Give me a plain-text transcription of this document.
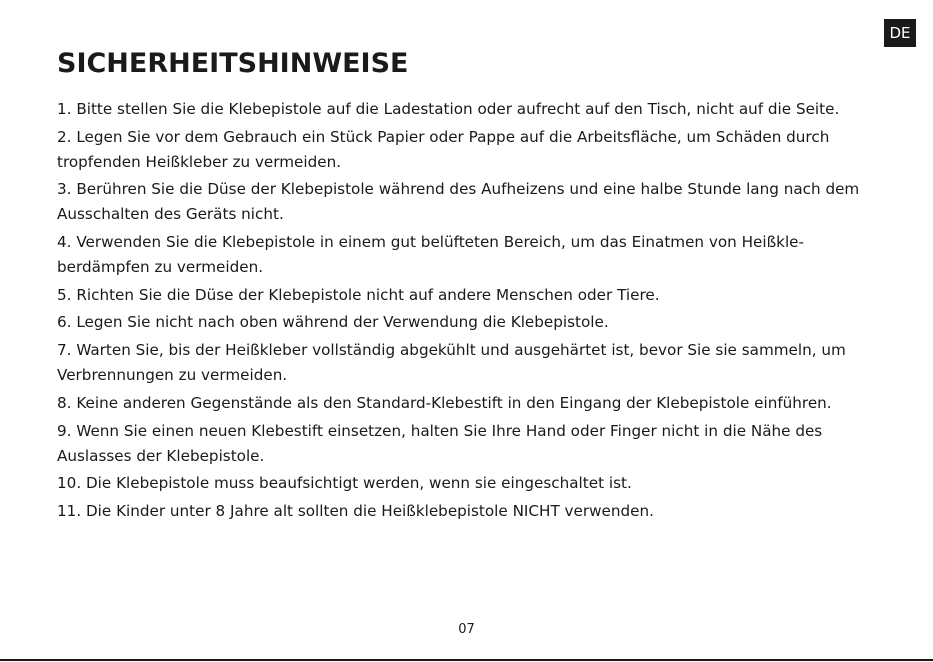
DE
SICHERHEITSHINWEISE
1. Bitte stellen Sie die Klebepistole auf die Ladestation oder aufrecht auf den Tisch, nicht auf die Seite.
2. Legen Sie vor dem Gebrauch ein Stück Papier oder Pappe auf die Arbeitsfläche, um Schäden durch tropfenden Heißkleber zu vermeiden.
3. Berühren Sie die Düse der Klebepistole während des Aufheizens und eine halbe Stunde lang nach dem Ausschalten des Geräts nicht.
4. Verwenden Sie die Klebepistole in einem gut belüfteten Bereich, um das Einatmen von Heißkle-berdämpfen zu vermeiden.
5. Richten Sie die Düse der Klebepistole nicht auf andere Menschen oder Tiere.
6. Legen Sie nicht nach oben während der Verwendung die Klebepistole.
7. Warten Sie, bis der Heißkleber vollständig abgekühlt und ausgehärtet ist, bevor Sie sie sammeln, um Verbrennungen zu vermeiden.
8. Keine anderen Gegenstände als den Standard-Klebestift in den Eingang der Klebepistole einführen.
9. Wenn Sie einen neuen Klebestift einsetzen, halten Sie Ihre Hand oder Finger nicht in die Nähe des Auslasses der Klebepistole.
10. Die Klebepistole muss beaufsichtigt werden, wenn sie eingeschaltet ist.
11. Die Kinder unter 8 Jahre alt sollten die Heißklebepistole NICHT verwenden.
07
